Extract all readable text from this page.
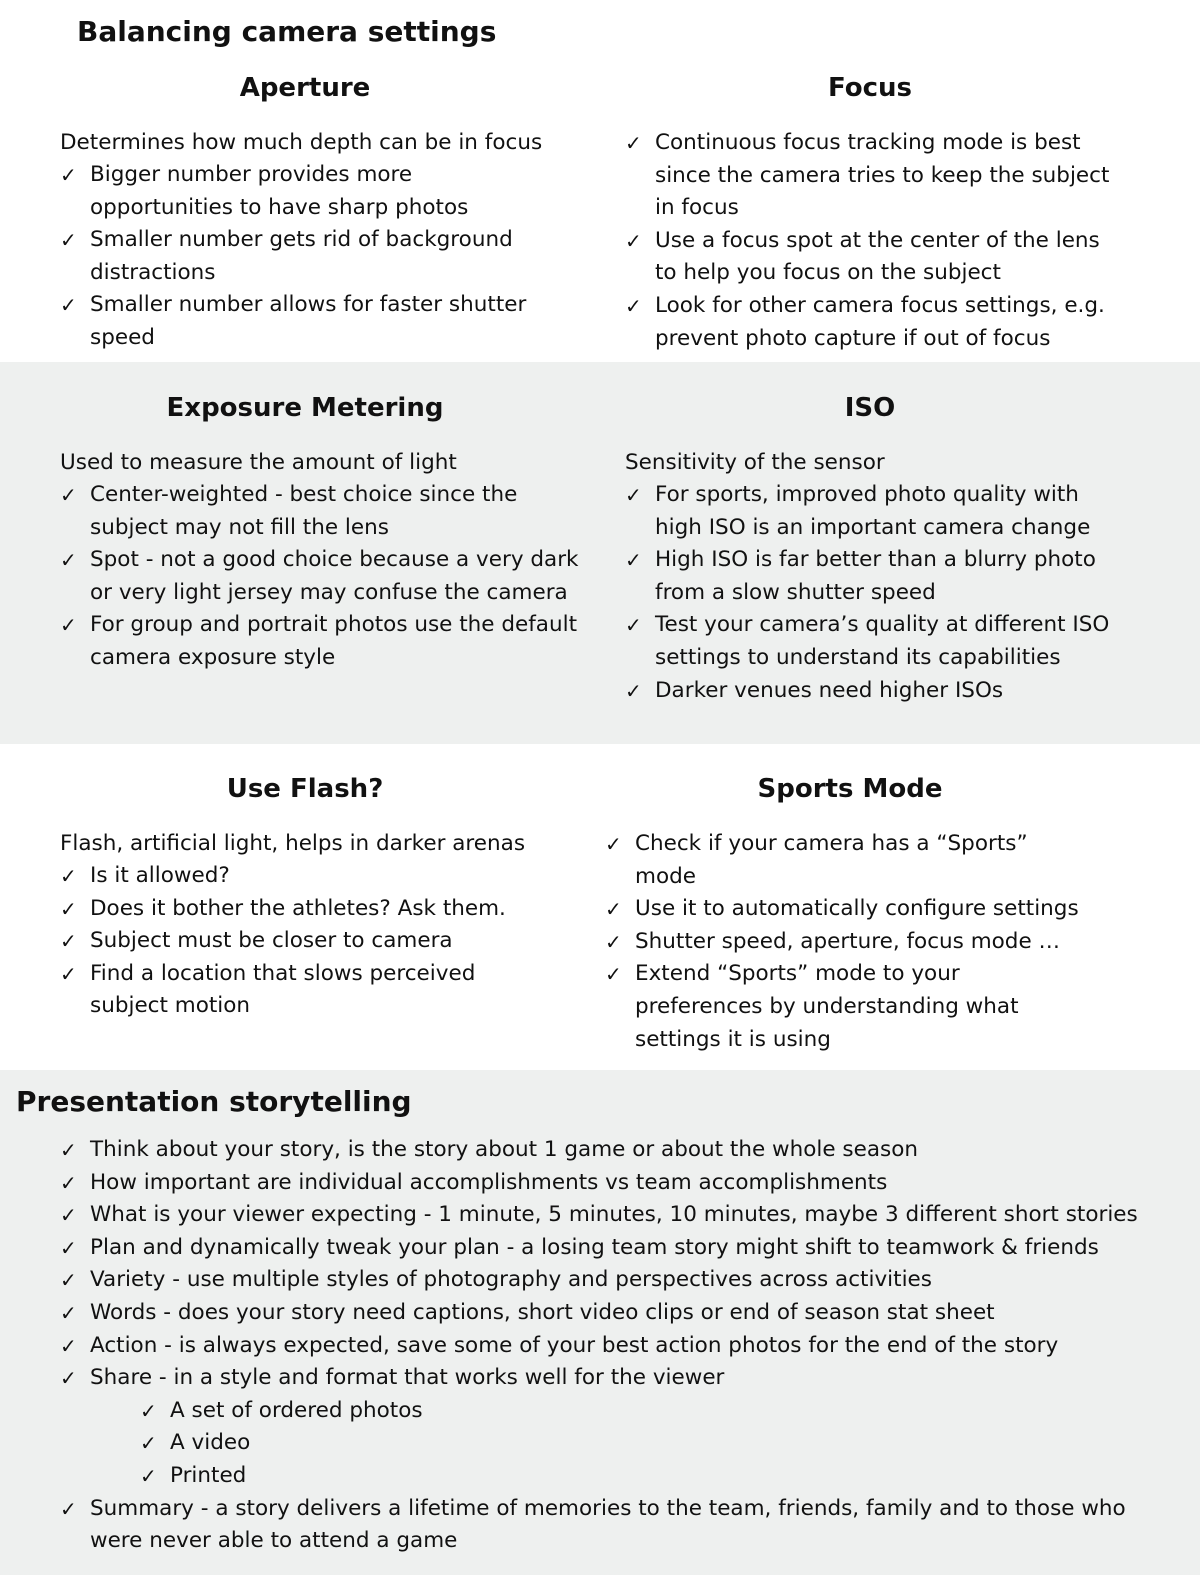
Balancing camera settings
Aperture

Determines how much depth can be in focus

✓ Bigger number provides more opportunities to have sharp photos
✓ Smaller number gets rid of background distractions
✓ Smaller number allows for faster shutter speed
Focus
✓ Continuous focus tracking mode is best since the camera tries to keep the subject in focus
✓ Use a focus spot at the center of the lens to help you focus on the subject
✓ Look for other camera focus settings, e.g. prevent photo capture if out of focus
Exposure Metering

Used to measure the amount of light

✓ Center-weighted - best choice since the subject may not fill the lens
✓ Spot - not a good choice because a very dark or very light jersey may confuse the camera
✓ For group and portrait photos use the default camera exposure style
ISO

Sensitivity of the sensor

✓ For sports, improved photo quality with high ISO is an important camera change
✓ High ISO is far better than a blurry photo from a slow shutter speed
✓ Test your camera’s quality at different ISO settings to understand its capabilities
✓ Darker venues need higher ISOs
Use Flash?

Flash, artificial light, helps in darker arenas

✓ Is it allowed?
✓ Does it bother the athletes? Ask them.
✓ Subject must be closer to camera
✓ Find a location that slows perceived subject motion
Sports Mode
✓ Check if your camera has a “Sports” mode
✓ Use it to automatically configure settings
✓ Shutter speed, aperture, focus mode …
✓ Extend “Sports” mode to your preferences by understanding what settings it is using
Presentation storytelling
✓ Think about your story, is the story about 1 game or about the whole season
✓ How important are individual accomplishments vs team accomplishments
✓ What is your viewer expecting - 1 minute, 5 minutes, 10 minutes, maybe 3 different short stories
✓ Plan and dynamically tweak your plan - a losing team story might shift to teamwork & friends
✓ Variety - use multiple styles of photography and perspectives across activities
✓ Words - does your story need captions, short video clips or end of season stat sheet
✓ Action - is always expected, save some of your best action photos for the end of the story
✓ Share - in a style and format that works well for the viewer
✓ A set of ordered photos
✓ A video
✓ Printed
✓ Summary - a story delivers a lifetime of memories to the team, friends, family and to those who were never able to attend a game
